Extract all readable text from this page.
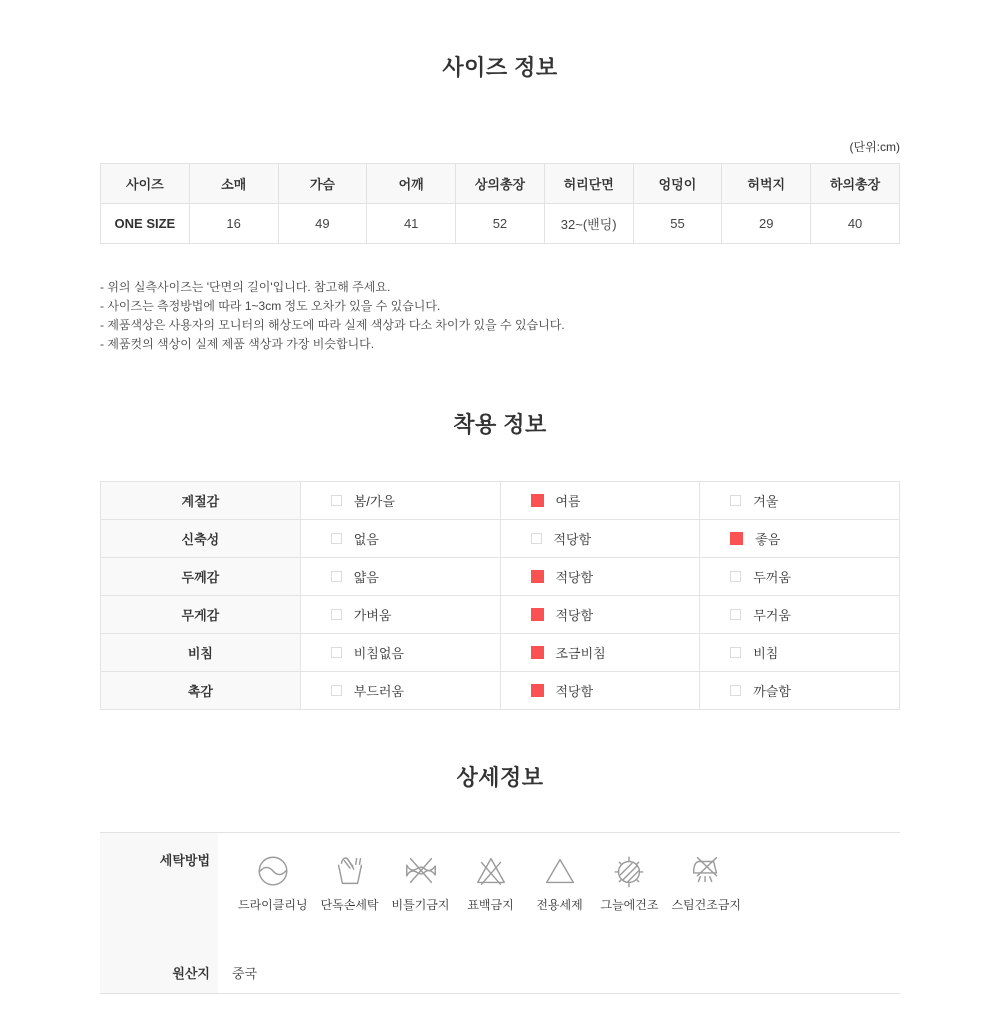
사이즈 정보
(단위:cm)
사이즈	소매	가슴	어깨	상의총장	허리단면	엉덩이	허벅지	하의총장
ONE SIZE	16	49	41	52	32~(밴딩)	55	29	40

- 위의 실측사이즈는 '단면의 길이'입니다. 참고해 주세요.

- 사이즈는 측정방법에 따라 1~3cm 정도 오차가 있을 수 있습니다.

- 제품색상은 사용자의 모니터의 해상도에 따라 실제 색상과 다소 차이가 있을 수 있습니다.

- 제품컷의 색상이 실제 제품 색상과 가장 비슷합니다.

착용 정보
계절감	봄/가을	여름	겨울

신축성	없음	적당함	좋음

두께감	얇음	적당함	두꺼움

무게감	가벼움	적당함	무거움

비침	비침없음	조금비침	비침

촉감	부드러움	적당함	까슬함
상세정보
세탁방법
드라이클리닝 단독손세탁 비틀기금지 표백금지 전용세제 그늘에건조 스팀건조금지
원산지	중국
